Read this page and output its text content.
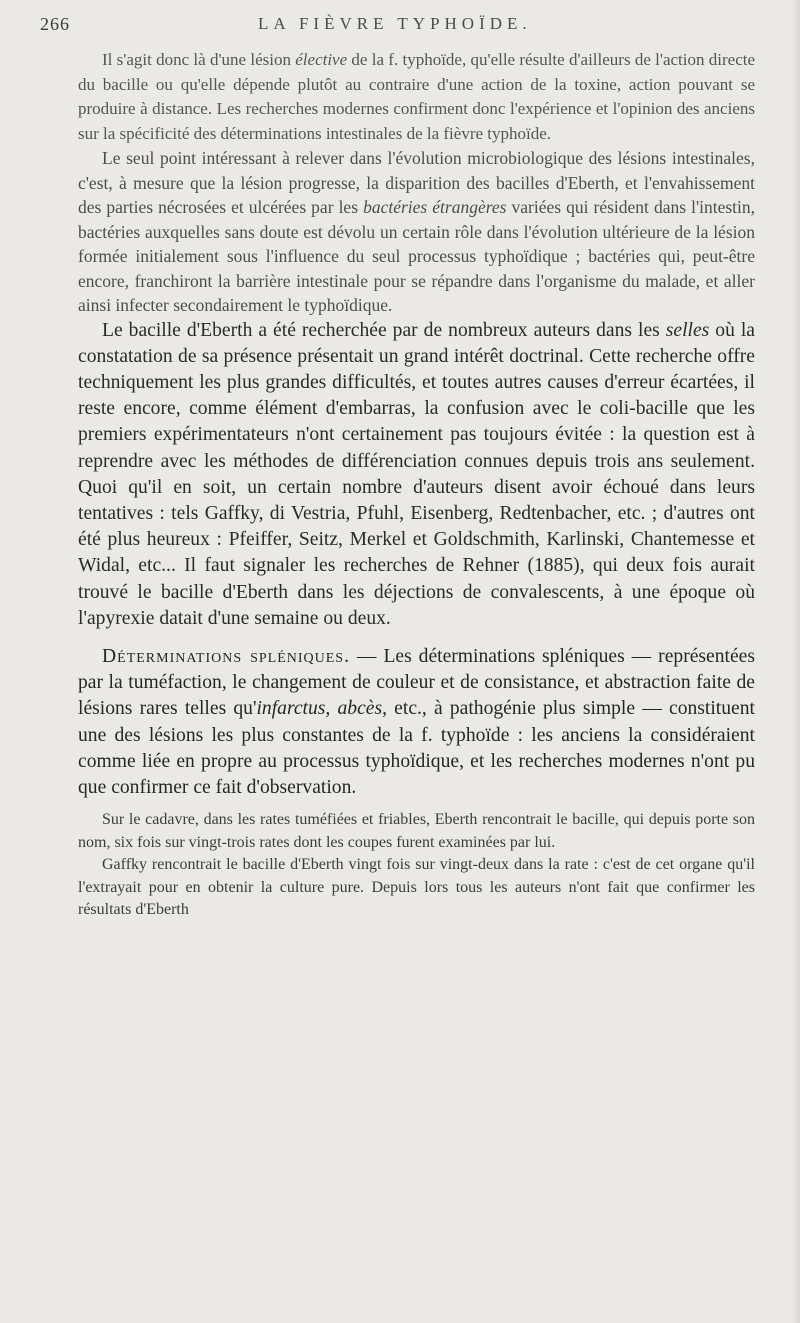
266	LA FIÈVRE TYPHOÏDE.

Il s'agit donc là d'une lésion élective de la f. typhoïde, qu'elle résulte d'ailleurs de l'action directe du bacille ou qu'elle dépende plutôt au contraire d'une action de la toxine, action pouvant se produire à distance. Les recherches modernes confirment donc l'expérience et l'opinion des anciens sur la spécificité des déterminations intestinales de la fièvre typhoïde.

Le seul point intéressant à relever dans l'évolution microbiologique des lésions intestinales, c'est, à mesure que la lésion progresse, la disparition des bacilles d'Eberth, et l'envahissement des parties nécrosées et ulcérées par les bactéries étrangères variées qui résident dans l'intestin, bactéries auxquelles sans doute est dévolu un certain rôle dans l'évolution ultérieure de la lésion formée initialement sous l'influence du seul processus typhoïdique ; bactéries qui, peut-être encore, franchiront la barrière intestinale pour se répandre dans l'organisme du malade, et aller ainsi infecter secondairement le typhoïdique.

Le bacille d'Eberth a été recherchée par de nombreux auteurs dans les selles où la constatation de sa présence présentait un grand intérêt doctrinal. Cette recherche offre techniquement les plus grandes difficultés, et toutes autres causes d'erreur écartées, il reste encore, comme élément d'embarras, la confusion avec le coli-bacille que les premiers expérimentateurs n'ont certainement pas toujours évitée : la question est à reprendre avec les méthodes de différenciation connues depuis trois ans seulement. Quoi qu'il en soit, un certain nombre d'auteurs disent avoir échoué dans leurs tentatives : tels Gaffky, di Vestria, Pfuhl, Eisenberg, Redtenbacher, etc. ; d'autres ont été plus heureux : Pfeiffer, Seitz, Merkel et Goldschmith, Karlinski, Chantemesse et Widal, etc... Il faut signaler les recherches de Rehner (1885), qui deux fois aurait trouvé le bacille d'Eberth dans les déjections de convalescents, à une époque où l'apyrexie datait d'une semaine ou deux.

Déterminations spléniques. — Les déterminations spléniques — représentées par la tuméfaction, le changement de couleur et de consistance, et abstraction faite de lésions rares telles qu'infarctus, abcès, etc., à pathogénie plus simple — constituent une des lésions les plus constantes de la f. typhoïde : les anciens la considéraient comme liée en propre au processus typhoïdique, et les recherches modernes n'ont pu que confirmer ce fait d'observation.

Sur le cadavre, dans les rates tuméfiées et friables, Eberth rencontrait le bacille, qui depuis porte son nom, six fois sur vingt-trois rates dont les coupes furent examinées par lui.

Gaffky rencontrait le bacille d'Eberth vingt fois sur vingt-deux dans la rate : c'est de cet organe qu'il l'extrayait pour en obtenir la culture pure. Depuis lors tous les auteurs n'ont fait que confirmer les résultats d'Eberth
